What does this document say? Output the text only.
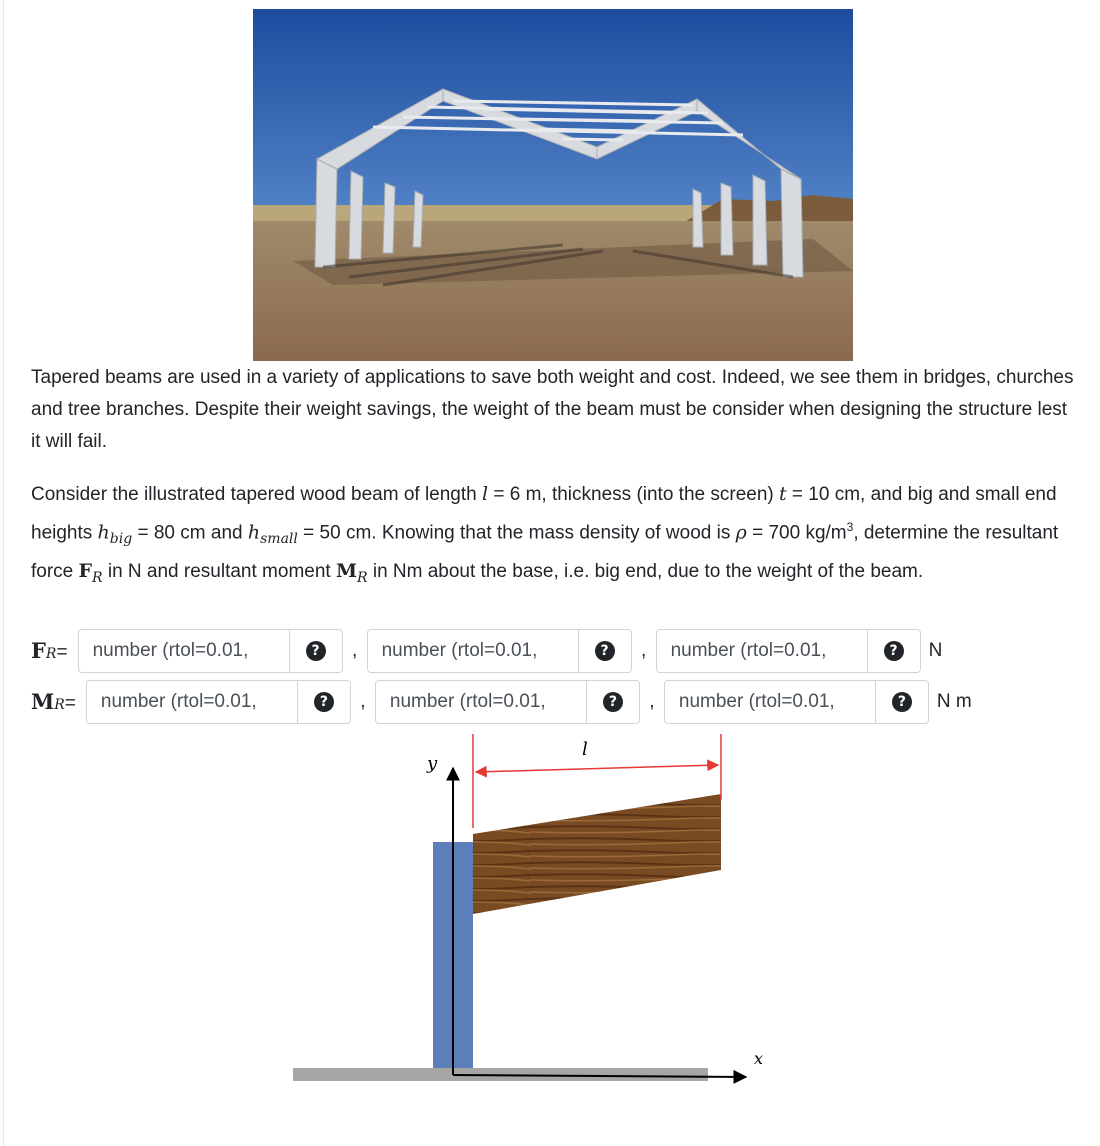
Tapered beams are used in a variety of applications to save both weight and cost. Indeed, we see them in bridges, churches and tree branches. Despite their weight savings, the weight of the beam must be consider when designing the structure lest it will fail.

Consider the illustrated tapered wood beam of length l = 6 m, thickness (into the screen) t = 10 cm, and big and small end heights $h_{big} = 80$ cm and $h_{small} = 50$ cm. Knowing that the mass density of wood is ρ = 700 $kg/m^3$, determine the resultant force $F_R$ in N and resultant moment $M_R$ in Nm about the base, i.e. big end, due to the weight of the beam.

F R =
number (rtol=0.01,	?	,
number (rtol=0.01,	?	,
number (rtol=0.01,	?	N
M R =
number (rtol=0.01,	?	,
number (rtol=0.01,	?	,
number (rtol=0.01,	?	N m
y
l
x
